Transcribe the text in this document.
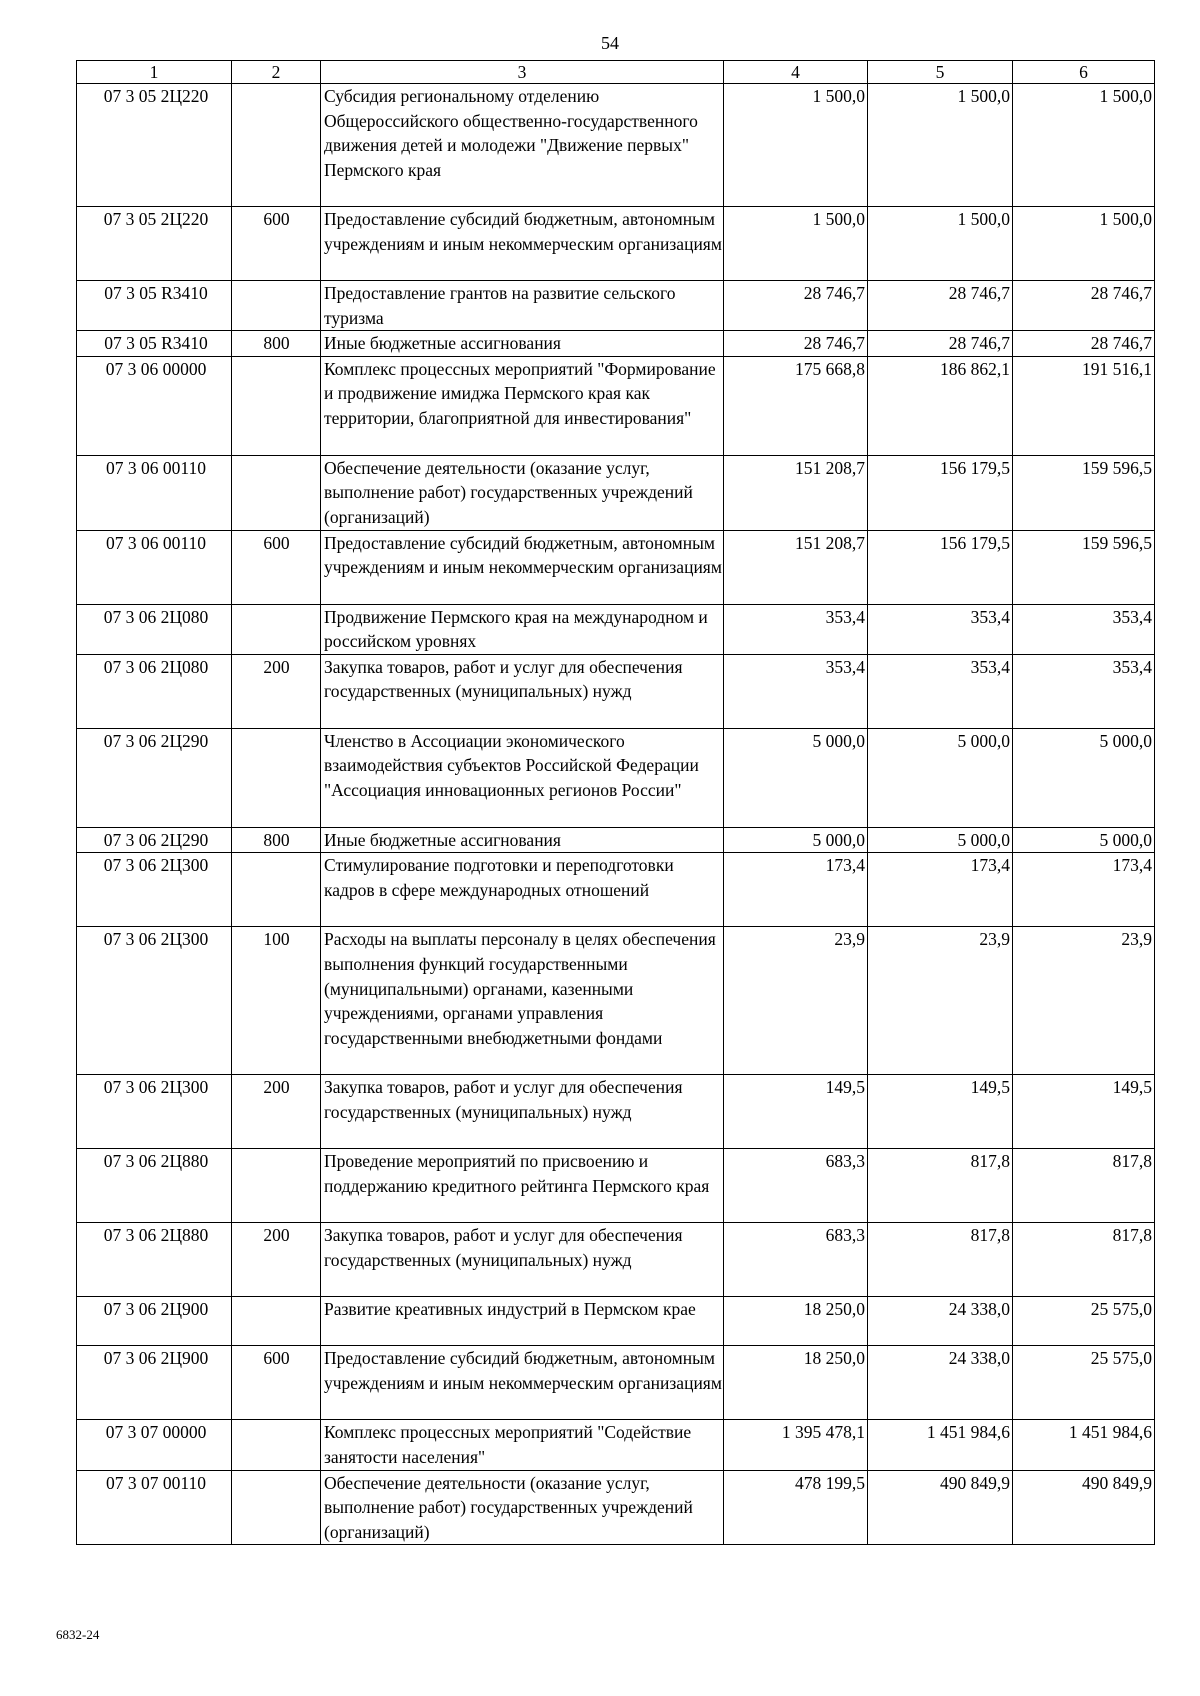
54
1	2	3	4	5	6
07 3 05 2Ц220		Субсидия региональному отделению Общероссийского общественно-государственного движения детей и молодежи "Движение первых" Пермского края	1 500,0	1 500,0	1 500,0
07 3 05 2Ц220	600	Предоставление субсидий бюджетным, автономным учреждениям и иным некоммерческим организациям	1 500,0	1 500,0	1 500,0
07 3 05 R3410		Предоставление грантов на развитие сельского туризма	28 746,7	28 746,7	28 746,7
07 3 05 R3410	800	Иные бюджетные ассигнования	28 746,7	28 746,7	28 746,7
07 3 06 00000		Комплекс процессных мероприятий "Формирование и продвижение имиджа Пермского края как территории, благоприятной для инвестирования"	175 668,8	186 862,1	191 516,1
07 3 06 00110		Обеспечение деятельности (оказание услуг, выполнение работ) государственных учреждений (организаций)	151 208,7	156 179,5	159 596,5
07 3 06 00110	600	Предоставление субсидий бюджетным, автономным учреждениям и иным некоммерческим организациям	151 208,7	156 179,5	159 596,5
07 3 06 2Ц080		Продвижение Пермского края на международном и российском уровнях	353,4	353,4	353,4
07 3 06 2Ц080	200	Закупка товаров, работ и услуг для обеспечения государственных (муниципальных) нужд	353,4	353,4	353,4
07 3 06 2Ц290		Членство в Ассоциации экономического взаимодействия субъектов Российской Федерации "Ассоциация инновационных регионов России"	5 000,0	5 000,0	5 000,0
07 3 06 2Ц290	800	Иные бюджетные ассигнования	5 000,0	5 000,0	5 000,0
07 3 06 2Ц300		Стимулирование подготовки и переподготовки кадров в сфере международных отношений	173,4	173,4	173,4
07 3 06 2Ц300	100	Расходы на выплаты персоналу в целях обеспечения выполнения функций государственными (муниципальными) органами, казенными учреждениями, органами управления государственными внебюджетными фондами	23,9	23,9	23,9
07 3 06 2Ц300	200	Закупка товаров, работ и услуг для обеспечения государственных (муниципальных) нужд	149,5	149,5	149,5
07 3 06 2Ц880		Проведение мероприятий по присвоению и поддержанию кредитного рейтинга Пермского края	683,3	817,8	817,8
07 3 06 2Ц880	200	Закупка товаров, работ и услуг для обеспечения государственных (муниципальных) нужд	683,3	817,8	817,8
07 3 06 2Ц900		Развитие креативных индустрий в Пермском крае	18 250,0	24 338,0	25 575,0
07 3 06 2Ц900	600	Предоставление субсидий бюджетным, автономным учреждениям и иным некоммерческим организациям	18 250,0	24 338,0	25 575,0
07 3 07 00000		Комплекс процессных мероприятий "Содействие занятости населения"	1 395 478,1	1 451 984,6	1 451 984,6
07 3 07 00110		Обеспечение деятельности (оказание услуг, выполнение работ) государственных учреждений (организаций)	478 199,5	490 849,9	490 849,9
6832-24
